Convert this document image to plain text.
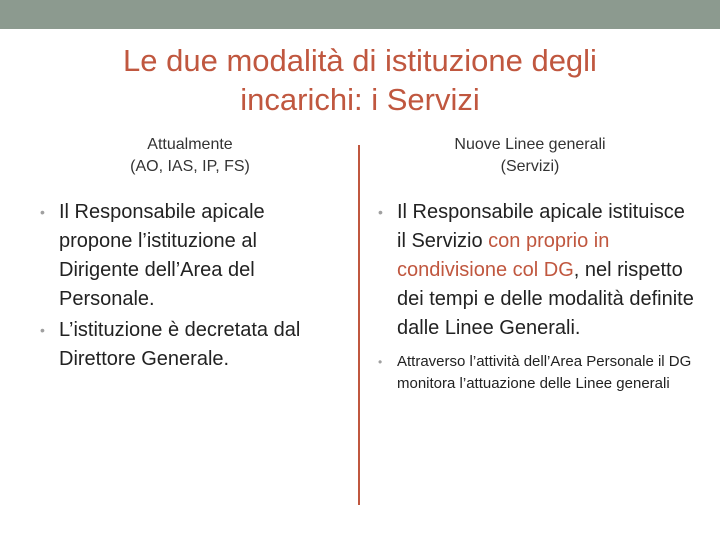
Le due modalità di istituzione degli incarichi: i Servizi
Attualmente
(AO, IAS, IP, FS)
Nuove Linee generali
(Servizi)
• Il Responsabile apicale propone l’istituzione al Dirigente dell’Area del Personale.
• L’istituzione è decretata dal Direttore Generale.
• Il Responsabile apicale istituisce il Servizio con proprio in condivisione col DG, nel rispetto dei tempi e delle modalità definite dalle Linee Generali.
• Attraverso l’attività dell’Area Personale il DG monitora l’attuazione delle Linee generali
